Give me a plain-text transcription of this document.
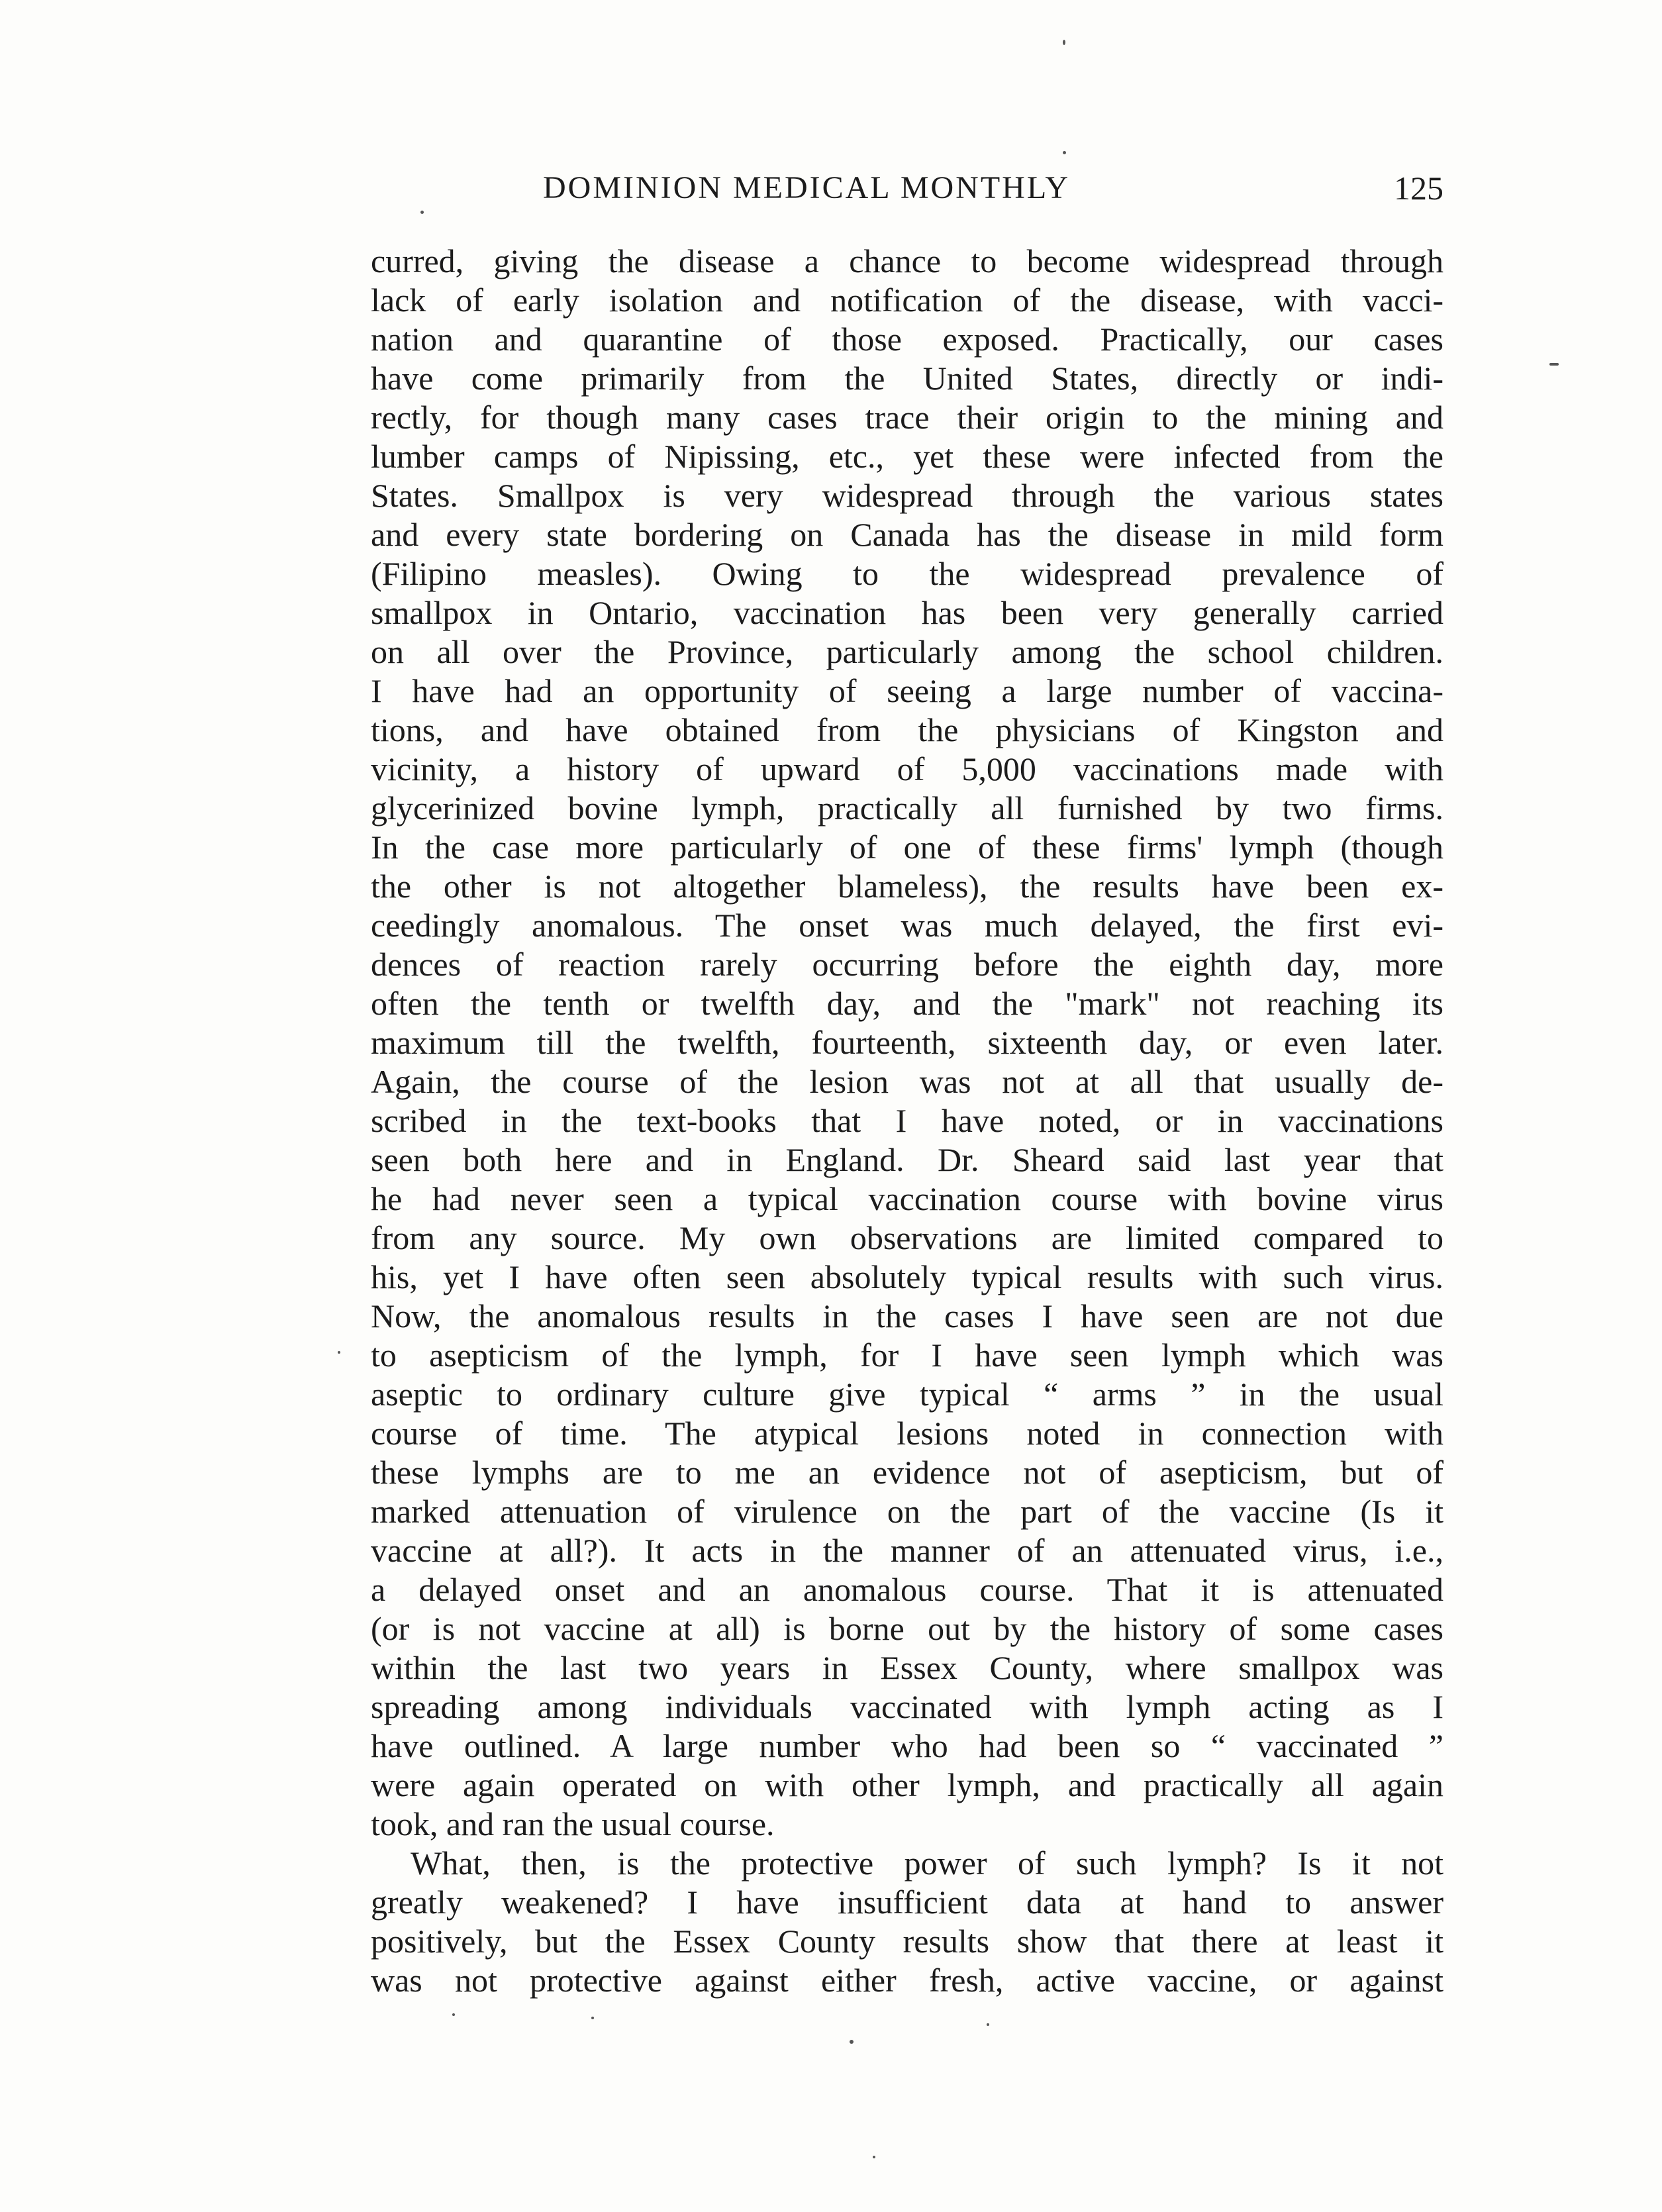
DOMINION MEDICAL MONTHLY	125
curred, giving the disease a chance to become widespread through
lack of early isolation and notification of the disease, with vacci-
nation and quarantine of those exposed. Practically, our cases
have come primarily from the United States, directly or indi-
rectly, for though many cases trace their origin to the mining and
lumber camps of Nipissing, etc., yet these were infected from the
States. Smallpox is very widespread through the various states
and every state bordering on Canada has the disease in mild form
(Filipino measles). Owing to the widespread prevalence of
smallpox in Ontario, vaccination has been very generally carried
on all over the Province, particularly among the school children.
I have had an opportunity of seeing a large number of vaccina-
tions, and have obtained from the physicians of Kingston and
vicinity, a history of upward of 5,000 vaccinations made with
glycerinized bovine lymph, practically all furnished by two firms.
In the case more particularly of one of these firms' lymph (though
the other is not altogether blameless), the results have been ex-
ceedingly anomalous. The onset was much delayed, the first evi-
dences of reaction rarely occurring before the eighth day, more
often the tenth or twelfth day, and the "mark" not reaching its
maximum till the twelfth, fourteenth, sixteenth day, or even later.
Again, the course of the lesion was not at all that usually de-
scribed in the text-books that I have noted, or in vaccinations
seen both here and in England. Dr. Sheard said last year that
he had never seen a typical vaccination course with bovine virus
from any source. My own observations are limited compared to
his, yet I have often seen absolutely typical results with such virus.
Now, the anomalous results in the cases I have seen are not due
to asepticism of the lymph, for I have seen lymph which was
aseptic to ordinary culture give typical “ arms ” in the usual
course of time. The atypical lesions noted in connection with
these lymphs are to me an evidence not of asepticism, but of
marked attenuation of virulence on the part of the vaccine (Is it
vaccine at all?). It acts in the manner of an attenuated virus, i.e.,
a delayed onset and an anomalous course. That it is attenuated
(or is not vaccine at all) is borne out by the history of some cases
within the last two years in Essex County, where smallpox was
spreading among individuals vaccinated with lymph acting as I
have outlined. A large number who had been so “ vaccinated ”
were again operated on with other lymph, and practically all again
took, and ran the usual course.
What, then, is the protective power of such lymph? Is it not
greatly weakened? I have insufficient data at hand to answer
positively, but the Essex County results show that there at least it
was not protective against either fresh, active vaccine, or against
